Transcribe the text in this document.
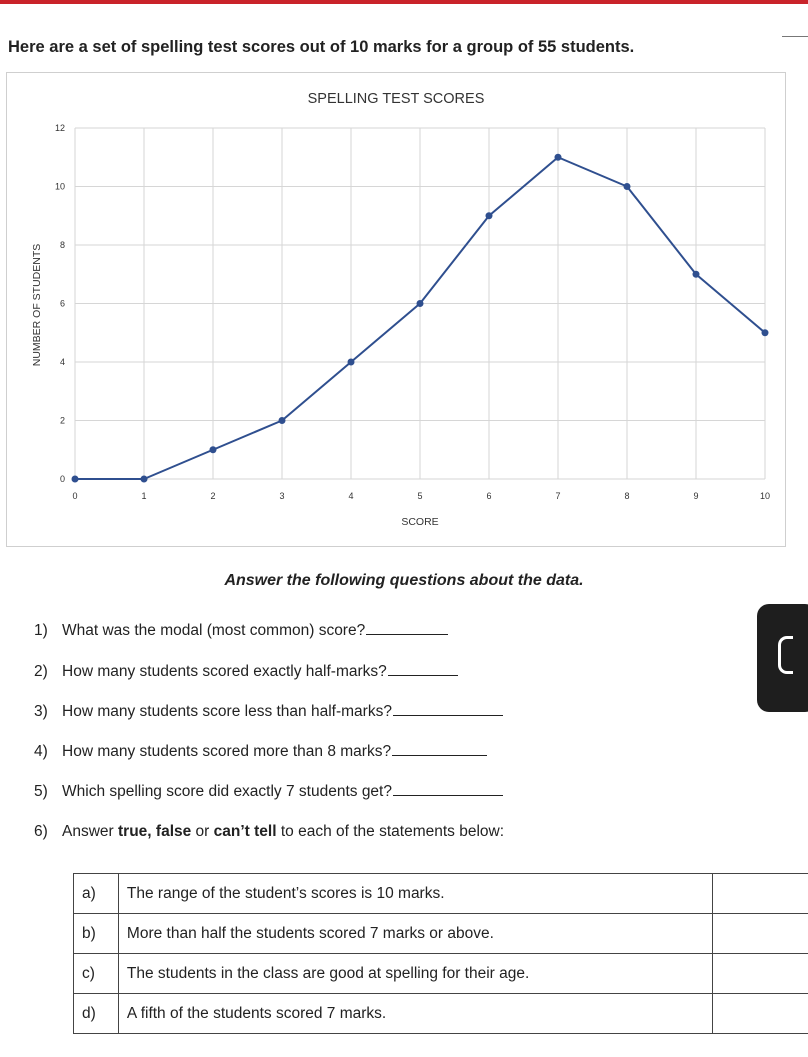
Here are a set of spelling test scores out of 10 marks for a group of 55 students.
SPELLING TEST SCORES
0
2
4
6
8
10
12
0	1	2	3	4	5	6	7	8	9	10
SCORE
NUMBER OF STUDENTS
Answer the following questions about the data.
1) What was the modal (most common) score?
2) How many students scored exactly half-marks?
3) How many students score less than half-marks?
4) How many students scored more than 8 marks?
5) Which spelling score did exactly 7 students get?
6) Answer true, false or can’t tell to each of the statements below:
a)	The range of the student’s scores is 10 marks.	
b)	More than half the students scored 7 marks or above.	
c)	The students in the class are good at spelling for their age.	
d)	A fifth of the students scored 7 marks.	
